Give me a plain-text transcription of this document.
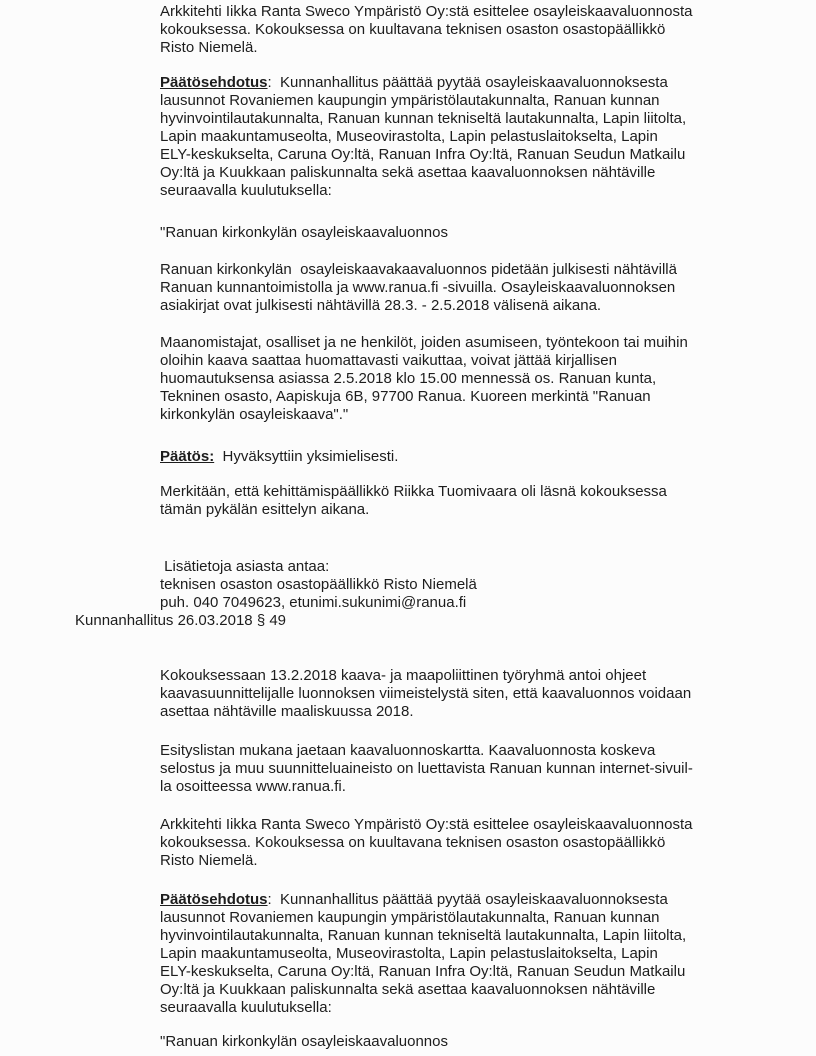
Arkkitehti Iikka Ranta Sweco Ympäristö Oy:stä esittelee osayleiskaavaluonnosta
kokouksessa. Kokouksessa on kuultavana teknisen osaston osastopäällikkö
Risto Niemelä.
Päätösehdotus:  Kunnanhallitus päättää pyytää osayleiskaavaluonnoksesta
lausunnot Rovaniemen kaupungin ympäristölautakunnalta, Ranuan kunnan
hyvinvointilautakunnalta, Ranuan kunnan tekniseltä lautakunnalta, Lapin liitolta,
Lapin maakuntamuseolta, Museovirastolta, Lapin pelastuslaitokselta, Lapin
ELY-keskukselta, Caruna Oy:ltä, Ranuan Infra Oy:ltä, Ranuan Seudun Matkailu
Oy:ltä ja Kuukkaan paliskunnalta sekä asettaa kaavaluonnoksen nähtäville
seuraavalla kuulutuksella:
"Ranuan kirkonkylän osayleiskaavaluonnos
Ranuan kirkonkylän  osayleiskaavakaavaluonnos pidetään julkisesti nähtävillä
Ranuan kunnantoimistolla ja www.ranua.fi -sivuilla. Osayleiskaavaluonnoksen
asiakirjat ovat julkisesti nähtävillä 28.3. - 2.5.2018 välisenä aikana.
Maanomistajat, osalliset ja ne henkilöt, joiden asumiseen, työntekoon tai muihin
oloihin kaava saattaa huomattavasti vaikuttaa, voivat jättää kirjallisen
huomautuksensa asiassa 2.5.2018 klo 15.00 mennessä os. Ranuan kunta,
Tekninen osasto, Aapiskuja 6B, 97700 Ranua. Kuoreen merkintä "Ranuan
kirkonkylän osayleiskaava"."
Päätös:  Hyväksyttiin yksimielisesti.
Merkitään, että kehittämispäällikkö Riikka Tuomivaara oli läsnä kokouksessa
tämän pykälän esittelyn aikana.
Lisätietoja asiasta antaa:
teknisen osaston osastopäällikkö Risto Niemelä
puh. 040 7049623, etunimi.sukunimi@ranua.fi
Kunnanhallitus 26.03.2018 § 49
Kokouksessaan 13.2.2018 kaava- ja maapoliittinen työryhmä antoi ohjeet
kaavasuunnittelijalle luonnoksen viimeistelystä siten, että kaavaluonnos voidaan
asettaa nähtäville maaliskuussa 2018.
Esityslistan mukana jaetaan kaavaluonnoskartta. Kaavaluonnosta koskeva
selostus ja muu suunnitteluaineisto on luettavista Ranuan kunnan internet-sivuil-
la osoitteessa www.ranua.fi.
Arkkitehti Iikka Ranta Sweco Ympäristö Oy:stä esittelee osayleiskaavaluonnosta
kokouksessa. Kokouksessa on kuultavana teknisen osaston osastopäällikkö
Risto Niemelä.
Päätösehdotus:  Kunnanhallitus päättää pyytää osayleiskaavaluonnoksesta
lausunnot Rovaniemen kaupungin ympäristölautakunnalta, Ranuan kunnan
hyvinvointilautakunnalta, Ranuan kunnan tekniseltä lautakunnalta, Lapin liitolta,
Lapin maakuntamuseolta, Museovirastolta, Lapin pelastuslaitokselta, Lapin
ELY-keskukselta, Caruna Oy:ltä, Ranuan Infra Oy:ltä, Ranuan Seudun Matkailu
Oy:ltä ja Kuukkaan paliskunnalta sekä asettaa kaavaluonnoksen nähtäville
seuraavalla kuulutuksella:
"Ranuan kirkonkylän osayleiskaavaluonnos
